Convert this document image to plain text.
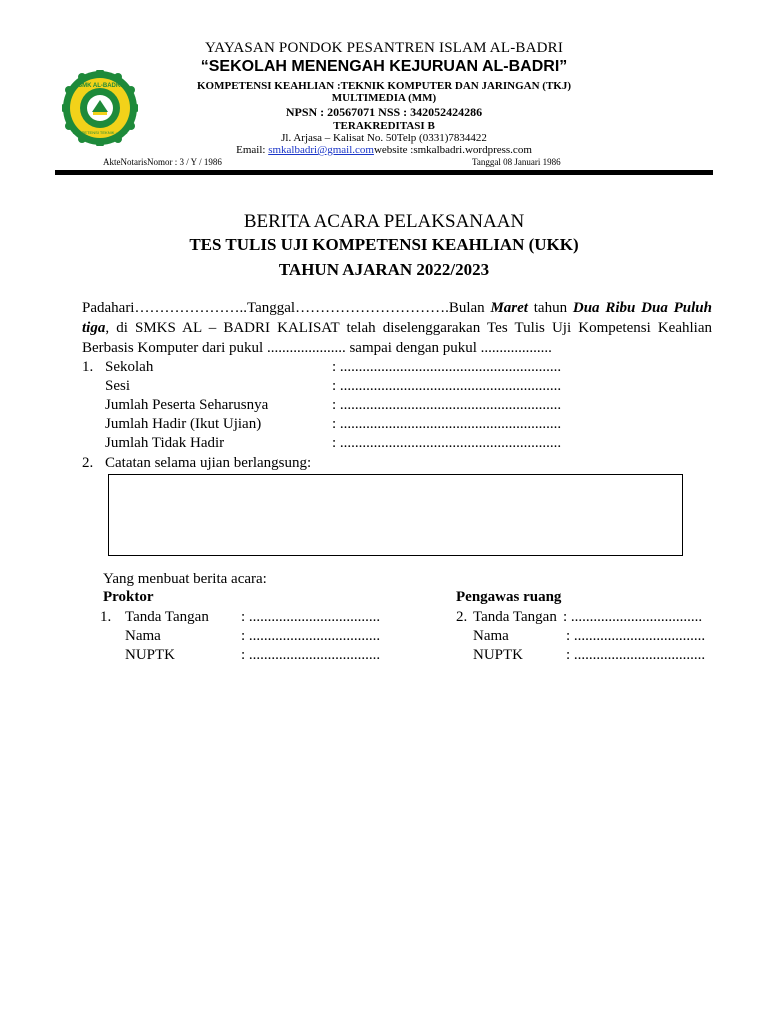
SMK AL-BADRI
KOMPETENSI TEKNIK · JAYA
YAYASAN PONDOK PESANTREN ISLAM AL-BADRI
“SEKOLAH MENENGAH KEJURUAN AL-BADRI”
KOMPETENSI KEAHLIAN :TEKNIK KOMPUTER DAN JARINGAN (TKJ)
MULTIMEDIA (MM)
NPSN : 20567071 NSS : 342052424286
TERAKREDITASI B
Jl. Arjasa – Kalisat No. 50Telp (0331)7834422
Email: smkalbadri@gmail.comwebsite :smkalbadri.wordpress.com
AkteNotarisNomor : 3 / Y / 1986	Tanggal 08 Januari 1986
BERITA ACARA PELAKSANAAN
TES TULIS UJI KOMPETENSI KEAHLIAN (UKK)
TAHUN AJARAN 2022/2023
Padahari…………………..Tanggal………………………….Bulan Maret tahun Dua Ribu Dua Puluh tiga, di SMKS AL – BADRI KALISAT telah diselenggarakan Tes Tulis Uji Kompetensi Keahlian Berbasis Komputer dari pukul ..................... sampai dengan pukul ...................
1. Sekolah	: ...........................................................
Sesi	: ...........................................................
Jumlah Peserta Seharusnya	: ...........................................................
Jumlah Hadir (Ikut Ujian)	: ...........................................................
Jumlah Tidak Hadir	: ...........................................................
2. Catatan selama ujian berlangsung:
Yang menbuat berita acara:
Proktor	Pengawas ruang
1. Tanda Tangan : ...................................
Nama	: ...................................
NUPTK	: ...................................
2. Tanda Tangan : ...................................
Nama	: ...................................
NUPTK	: ...................................
